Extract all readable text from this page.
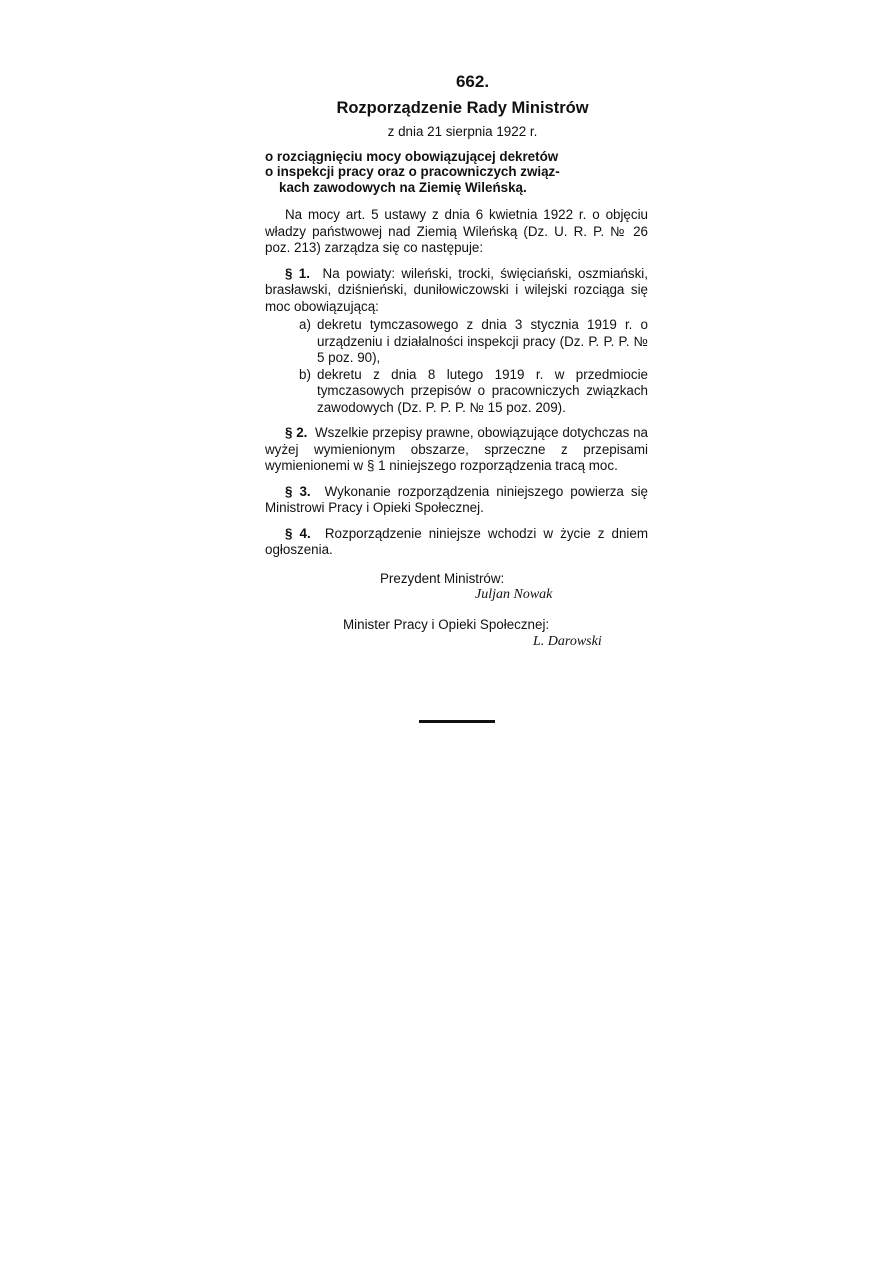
662.
Rozporządzenie Rady Ministrów
z dnia 21 sierpnia 1922 r.
o rozciągnięciu mocy obowiązującej dekretów
o inspekcji pracy oraz o pracowniczych związ-
kach zawodowych na Ziemię Wileńską.

Na mocy art. 5 ustawy z dnia 6 kwietnia 1922 r. o objęciu władzy państwowej nad Ziemią Wileńską (Dz. U. R. P. № 26 poz. 213) zarządza się co następuje:

§ 1. Na powiaty: wileński, trocki, święciański, oszmiański, brasławski, dziśnieński, duniłowiczowski i wilejski rozciąga się moc obowiązującą:

a) dekretu tymczasowego z dnia 3 stycznia 1919 r. o urządzeniu i działalności inspekcji pracy (Dz. P. P. P. № 5 poz. 90),
b) dekretu z dnia 8 lutego 1919 r. w przedmiocie tymczasowych przepisów o pracowniczych związkach zawodowych (Dz. P. P. P. № 15 poz. 209).

§ 2. Wszelkie przepisy prawne, obowiązujące dotychczas na wyżej wymienionym obszarze, sprzeczne z przepisami wymienionemi w § 1 niniejszego rozporządzenia tracą moc.

§ 3. Wykonanie rozporządzenia niniejszego powierza się Ministrowi Pracy i Opieki Społecznej.

§ 4. Rozporządzenie niniejsze wchodzi w życie z dniem ogłoszenia.

Prezydent Ministrów:
Juljan Nowak
Minister Pracy i Opieki Społecznej:
L. Darowski
